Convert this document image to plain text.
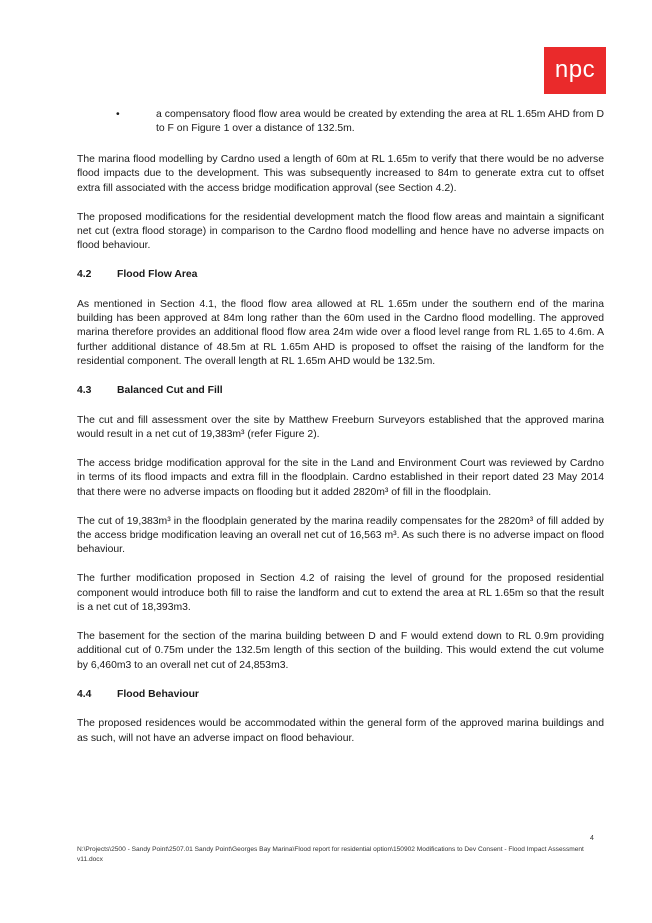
npc
•	a compensatory flood flow area would be created by extending the area at RL 1.65m AHD from D to F on Figure 1 over a distance of 132.5m.

The marina flood modelling by Cardno used a length of 60m at RL 1.65m to verify that there would be no adverse flood impacts due to the development. This was subsequently increased to 84m to generate extra cut to offset extra fill associated with the access bridge modification approval (see Section 4.2).

The proposed modifications for the residential development match the flood flow areas and maintain a significant net cut (extra flood storage) in comparison to the Cardno flood modelling and hence have no adverse impacts on flood behaviour.

4.2	Flood Flow Area

As mentioned in Section 4.1, the flood flow area allowed at RL 1.65m under the southern end of the marina building has been approved at 84m long rather than the 60m used in the Cardno flood modelling. The approved marina therefore provides an additional flood flow area 24m wide over a flood level range from RL 1.65 to 4.6m. A further additional distance of 48.5m at RL 1.65m AHD is proposed to offset the raising of the landform for the residential component. The overall length at RL 1.65m AHD would be 132.5m.

4.3	Balanced Cut and Fill

The cut and fill assessment over the site by Matthew Freeburn Surveyors established that the approved marina would result in a net cut of 19,383m³ (refer Figure 2).

The access bridge modification approval for the site in the Land and Environment Court was reviewed by Cardno in terms of its flood impacts and extra fill in the floodplain. Cardno established in their report dated 23 May 2014 that there were no adverse impacts on flooding but it added 2820m³ of fill in the floodplain.

The cut of 19,383m³ in the floodplain generated by the marina readily compensates for the 2820m³ of fill added by the access bridge modification leaving an overall net cut of 16,563 m³. As such there is no adverse impact on flood behaviour.

The further modification proposed in Section 4.2 of raising the level of ground for the proposed residential component would introduce both fill to raise the landform and cut to extend the area at RL 1.65m so that the result is a net cut of 18,393m3.

The basement for the section of the marina building between D and F would extend down to RL 0.9m providing additional cut of 0.75m under the 132.5m length of this section of the building. This would extend the cut volume by 6,460m3 to an overall net cut of 24,853m3.

4.4	Flood Behaviour

The proposed residences would be accommodated within the general form of the approved marina buildings and as such, will not have an adverse impact on flood behaviour.

4
N:\Projects\2500 - Sandy Point\2507.01 Sandy Point\Georges Bay Marina\Flood report for residential option\150902 Modifications to Dev Consent - Flood Impact Assessment v11.docx
